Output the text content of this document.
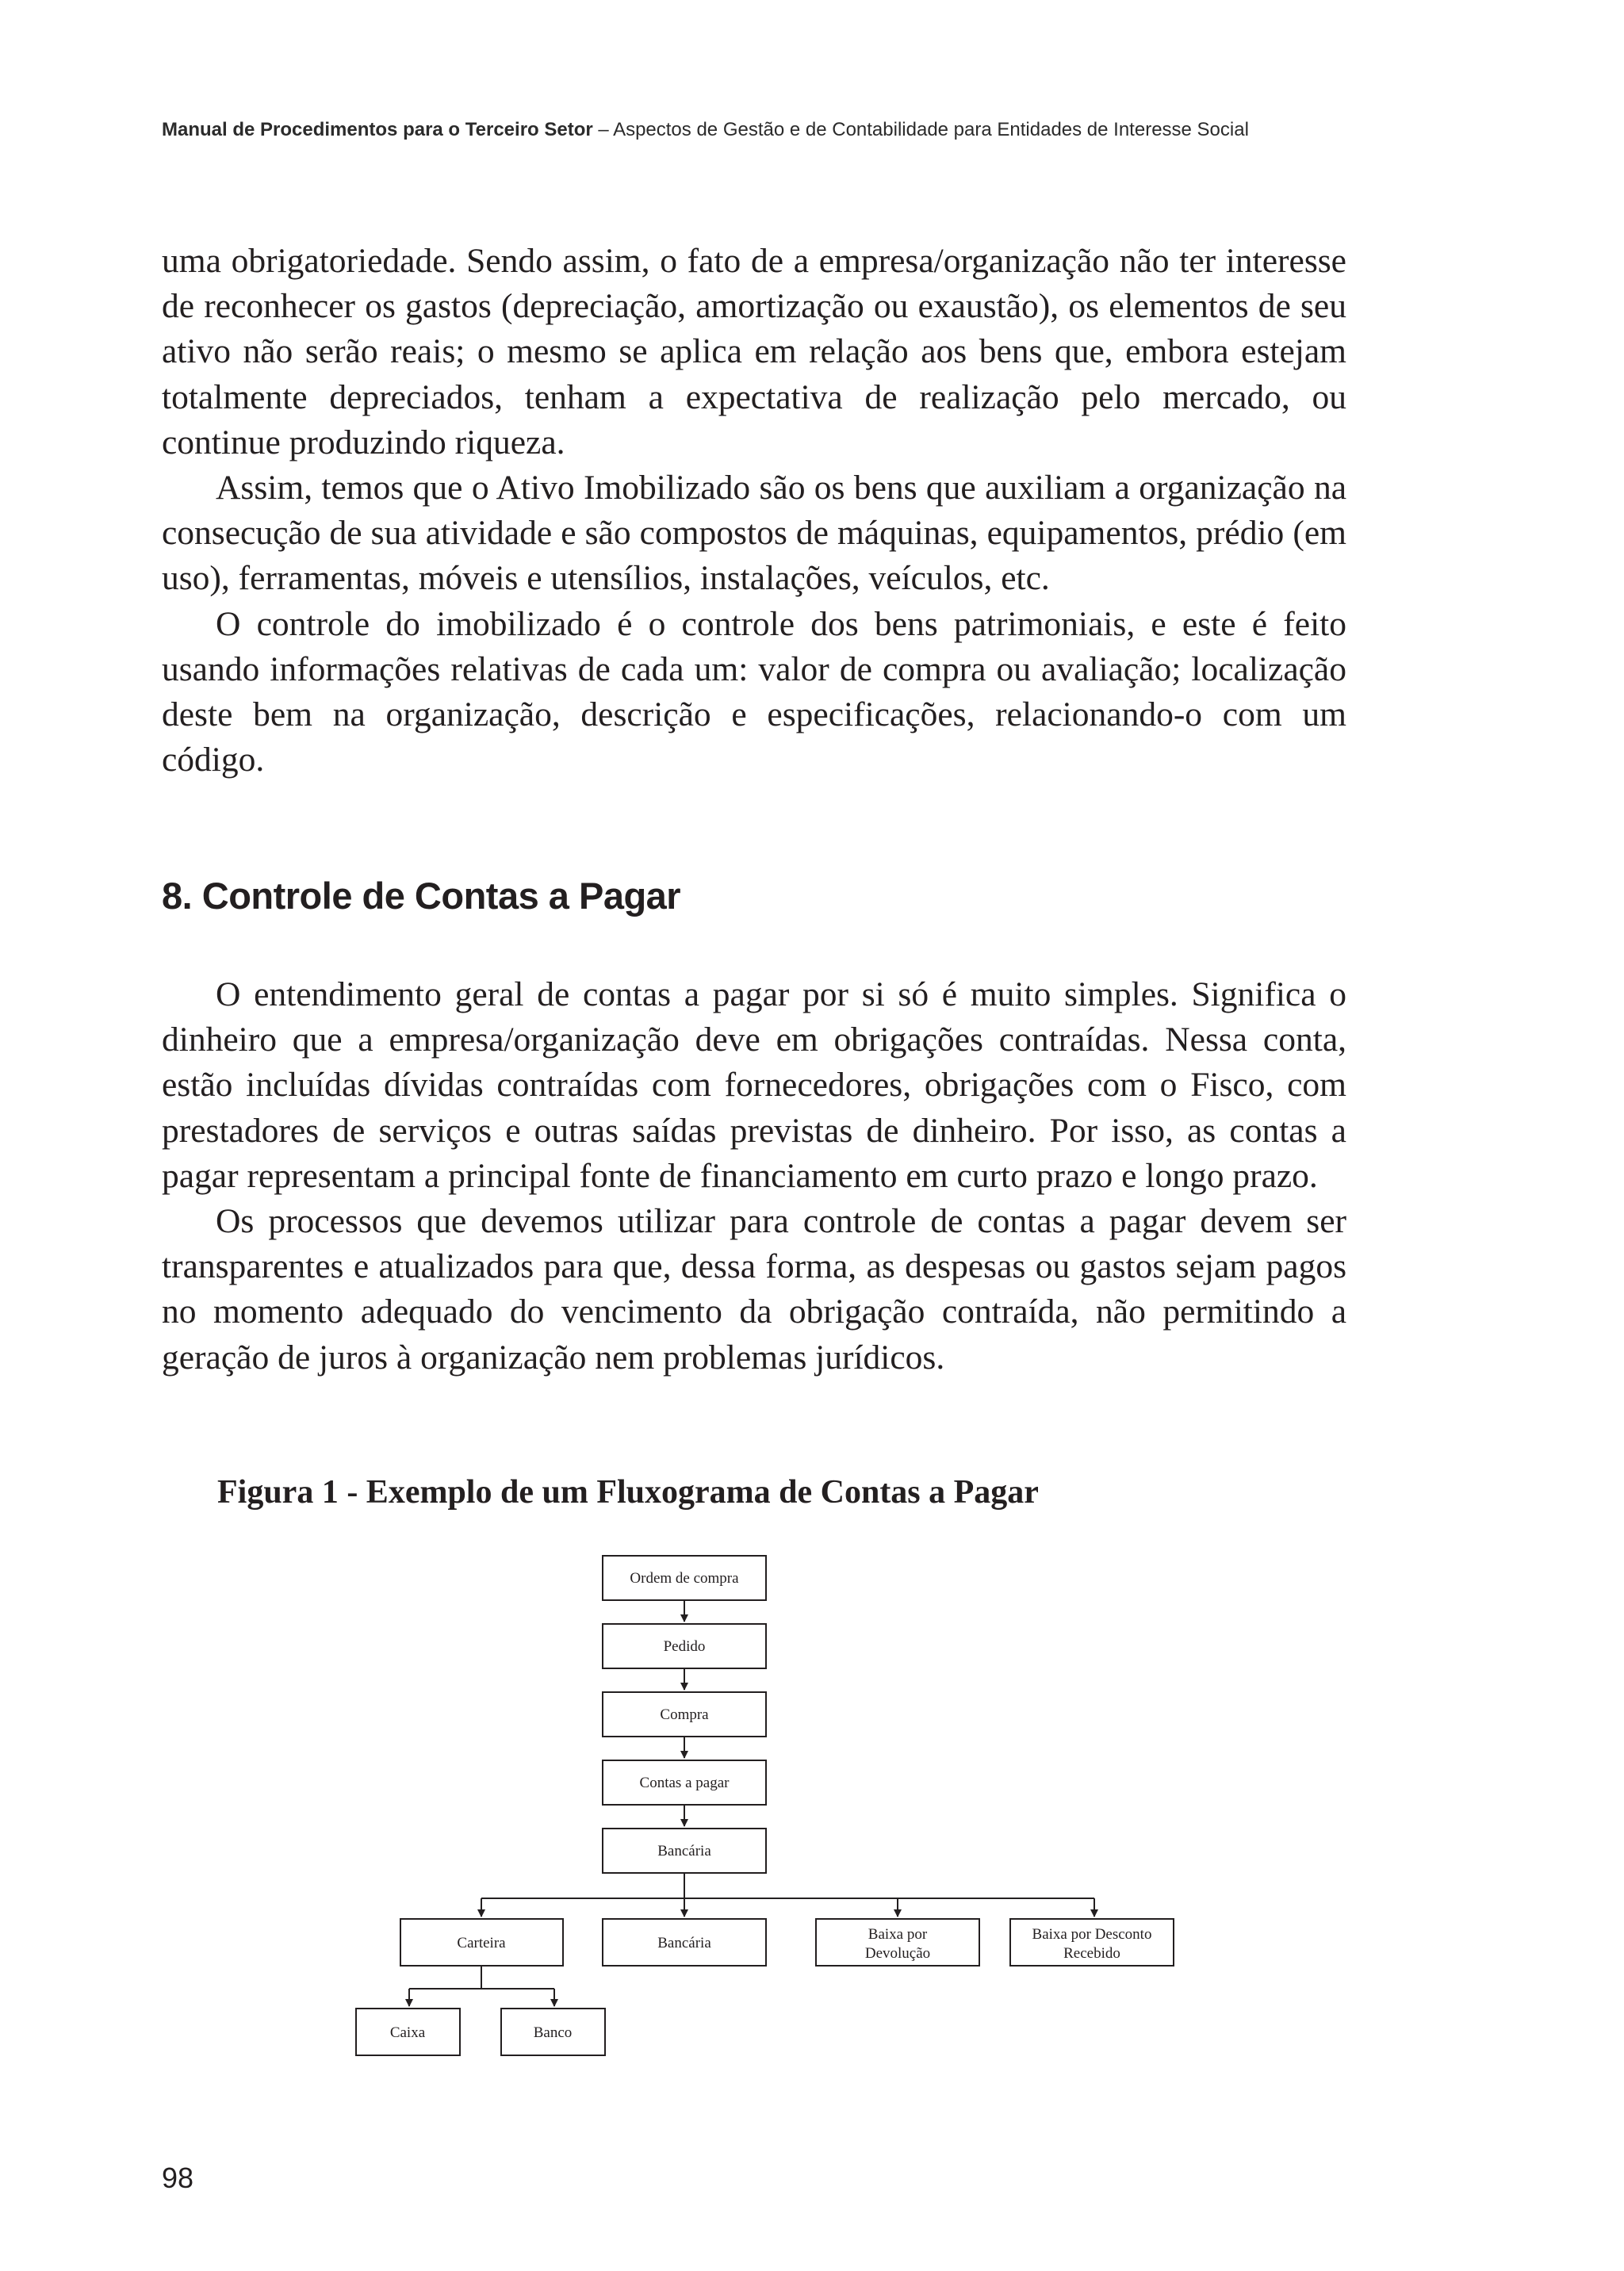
Manual de Procedimentos para o Terceiro Setor – Aspectos de Gestão e de Contabilidade para Entidades de Interesse Social

uma obrigatoriedade. Sendo assim, o fato de a empresa/organização não ter interesse de reconhecer os gastos (depreciação, amortização ou exaustão), os elementos de seu ativo não serão reais; o mesmo se aplica em relação aos bens que, embora estejam totalmente depreciados, tenham a expectativa de realização pelo mercado, ou continue produzindo riqueza.

Assim, temos que o Ativo Imobilizado são os bens que auxiliam a organização na consecução de sua atividade e são compostos de máquinas, equipamentos, prédio (em uso), ferramentas, móveis e utensílios, instalações, veículos, etc.

O controle do imobilizado é o controle dos bens patrimoniais, e este é feito usando informações relativas de cada um: valor de compra ou avaliação; localização deste bem na organização, descrição e especificações, relacionando-o com um código.

8. Controle de Contas a Pagar

O entendimento geral de contas a pagar por si só é muito simples. Significa o dinheiro que a empresa/organização deve em obrigações contraídas. Nessa conta, estão incluídas dívidas contraídas com fornecedores, obrigações com o Fisco, com prestadores de serviços e outras saídas previstas de dinheiro. Por isso, as contas a pagar representam a principal fonte de financiamento em curto prazo e longo prazo.

Os processos que devemos utilizar para controle de contas a pagar devem ser transparentes e atualizados para que, dessa forma, as despesas ou gastos sejam pagos no momento adequado do vencimento da obrigação contraída, não permitindo a geração de juros à organização nem problemas jurídicos.

Figura 1 - Exemplo de um Fluxograma de Contas a Pagar

Ordem de compra
Pedido
Compra
Contas a pagar
Bancária
Carteira	Bancária
Baixa por
Devolução
Baixa por Desconto
Recebido
Caixa	Banco
98
